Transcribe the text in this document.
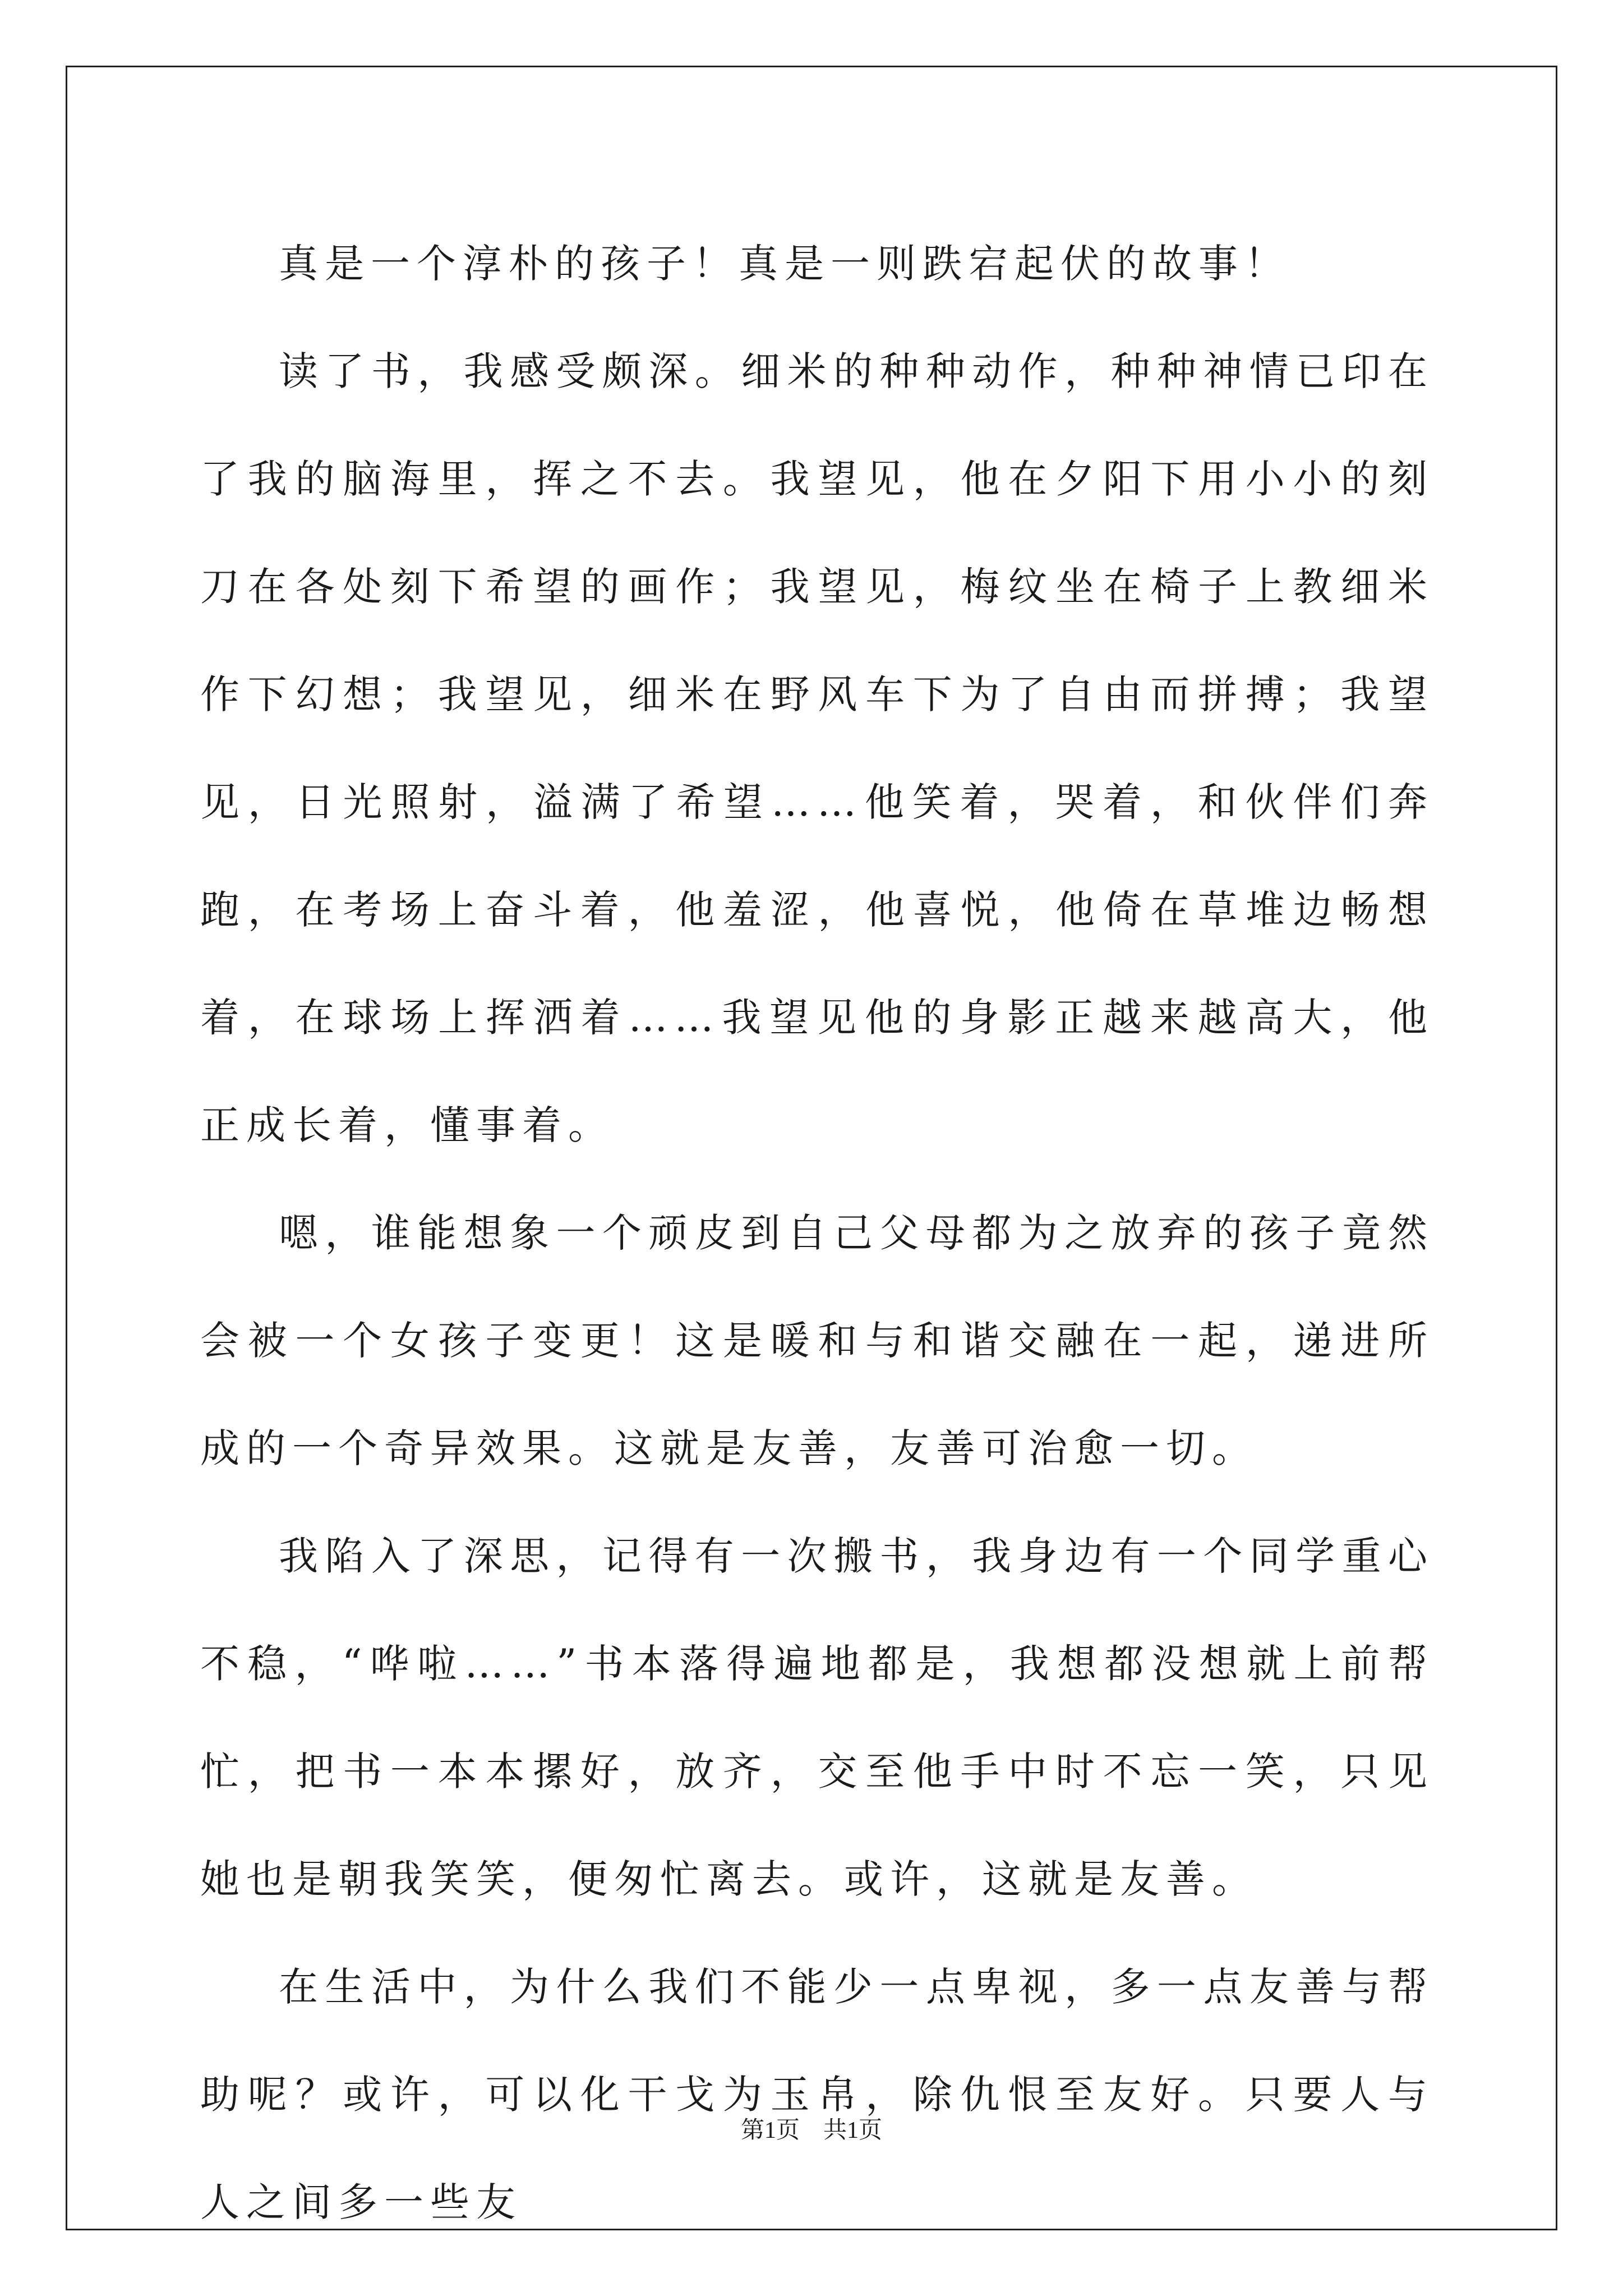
真是一个淳朴的孩子！真是一则跌宕起伏的故事！

读了书，我感受颇深。细米的种种动作，种种神情已印在了我的脑海里，挥之不去。我望见，他在夕阳下用小小的刻刀在各处刻下希望的画作；我望见，梅纹坐在椅子上教细米作下幻想；我望见，细米在野风车下为了自由而拼搏；我望见，日光照射，溢满了希望……他笑着，哭着，和伙伴们奔跑，在考场上奋斗着，他羞涩，他喜悦，他倚在草堆边畅想着，在球场上挥洒着……我望见他的身影正越来越高大，他正成长着，懂事着。

嗯，谁能想象一个顽皮到自己父母都为之放弃的孩子竟然会被一个女孩子变更！这是暖和与和谐交融在一起，递进所成的一个奇异效果。这就是友善，友善可治愈一切。

我陷入了深思，记得有一次搬书，我身边有一个同学重心不稳，“哗啦……”书本落得遍地都是，我想都没想就上前帮忙，把书一本本摞好，放齐，交至他手中时不忘一笑，只见她也是朝我笑笑，便匆忙离去。或许，这就是友善。

在生活中，为什么我们不能少一点卑视，多一点友善与帮助呢？或许，可以化干戈为玉帛，除仇恨至友好。只要人与人之间多一些友

第1页　共1页
